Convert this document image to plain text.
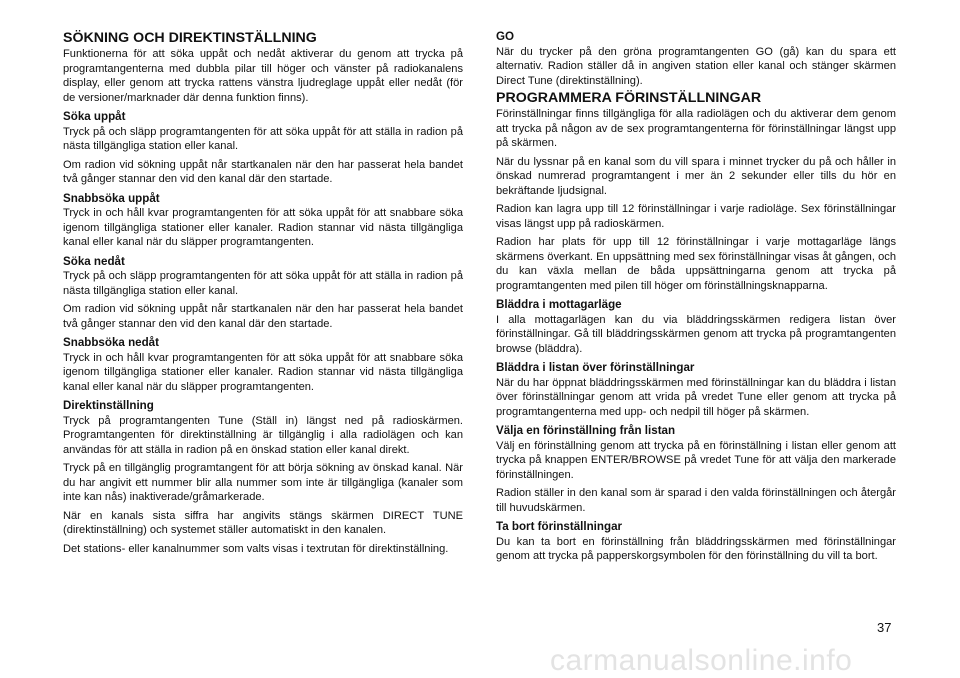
SÖKNING OCH DIREKTINSTÄLLNING
Funktionerna för att söka uppåt och nedåt aktiverar du genom att trycka på programtangenterna med dubbla pilar till höger och vänster på radiokanalens display, eller genom att trycka rattens vänstra ljudreglage uppåt eller nedåt (för de versioner/marknader där denna funktion finns).
Söka uppåt
Tryck på och släpp programtangenten för att söka uppåt för att ställa in radion på nästa tillgängliga station eller kanal.
Om radion vid sökning uppåt når startkanalen när den har passerat hela bandet två gånger stannar den vid den kanal där den startade.
Snabbsöka uppåt
Tryck in och håll kvar programtangenten för att söka uppåt för att snabbare söka igenom tillgängliga stationer eller kanaler. Radion stannar vid nästa tillgängliga kanal eller kanal när du släpper programtangenten.
Söka nedåt
Tryck på och släpp programtangenten för att söka uppåt för att ställa in radion på nästa tillgängliga station eller kanal.
Om radion vid sökning uppåt når startkanalen när den har passerat hela bandet två gånger stannar den vid den kanal där den startade.
Snabbsöka nedåt
Tryck in och håll kvar programtangenten för att söka uppåt för att snabbare söka igenom tillgängliga stationer eller kanaler. Radion stannar vid nästa tillgängliga kanal eller kanal när du släpper programtangenten.
Direktinställning
Tryck på programtangenten Tune (Ställ in) längst ned på radioskärmen. Programtangenten för direktinställning är tillgänglig i alla radiolägen och kan användas för att ställa in radion på en önskad station eller kanal direkt.
Tryck på en tillgänglig programtangent för att börja sökning av önskad kanal. När du har angivit ett nummer blir alla nummer som inte är tillgängliga (kanaler som inte kan nås) inaktiverade/gråmarkerade.
När en kanals sista siffra har angivits stängs skärmen DIRECT TUNE (direktinställning) och systemet ställer automatiskt in den kanalen.
Det stations- eller kanalnummer som valts visas i textrutan för direktinställning.
GO
När du trycker på den gröna programtangenten GO (gå) kan du spara ett alternativ. Radion ställer då in angiven station eller kanal och stänger skärmen Direct Tune (direktinställning).
PROGRAMMERA FÖRINSTÄLLNINGAR
Förinställningar finns tillgängliga för alla radiolägen och du aktiverar dem genom att trycka på någon av de sex programtangenterna för förinställningar längst upp på skärmen.
När du lyssnar på en kanal som du vill spara i minnet trycker du på och håller in önskad numrerad programtangent i mer än 2 sekunder eller tills du hör en bekräftande ljudsignal.
Radion kan lagra upp till 12 förinställningar i varje radioläge. Sex förinställningar visas längst upp på radioskärmen.
Radion har plats för upp till 12 förinställningar i varje mottagarläge längs skärmens överkant. En uppsättning med sex förinställningar visas åt gången, och du kan växla mellan de båda uppsättningarna genom att trycka på programtangenten med pilen till höger om förinställningsknapparna.
Bläddra i mottagarläge
I alla mottagarlägen kan du via bläddringsskärmen redigera listan över förinställningar. Gå till bläddringsskärmen genom att trycka på programtangenten browse (bläddra).
Bläddra i listan över förinställningar
När du har öppnat bläddringsskärmen med förinställningar kan du bläddra i listan över förinställningar genom att vrida på vredet Tune eller genom att trycka på programtangenterna med upp- och nedpil till höger på skärmen.
Välja en förinställning från listan
Välj en förinställning genom att trycka på en förinställning i listan eller genom att trycka på knappen ENTER/BROWSE på vredet Tune för att välja den markerade förinställningen.
Radion ställer in den kanal som är sparad i den valda förinställningen och återgår till huvudskärmen.
Ta bort förinställningar
Du kan ta bort en förinställning från bläddringsskärmen med förinställningar genom att trycka på papperskorgsymbolen för den förinställning du vill ta bort.
37
carmanualsonline.info
